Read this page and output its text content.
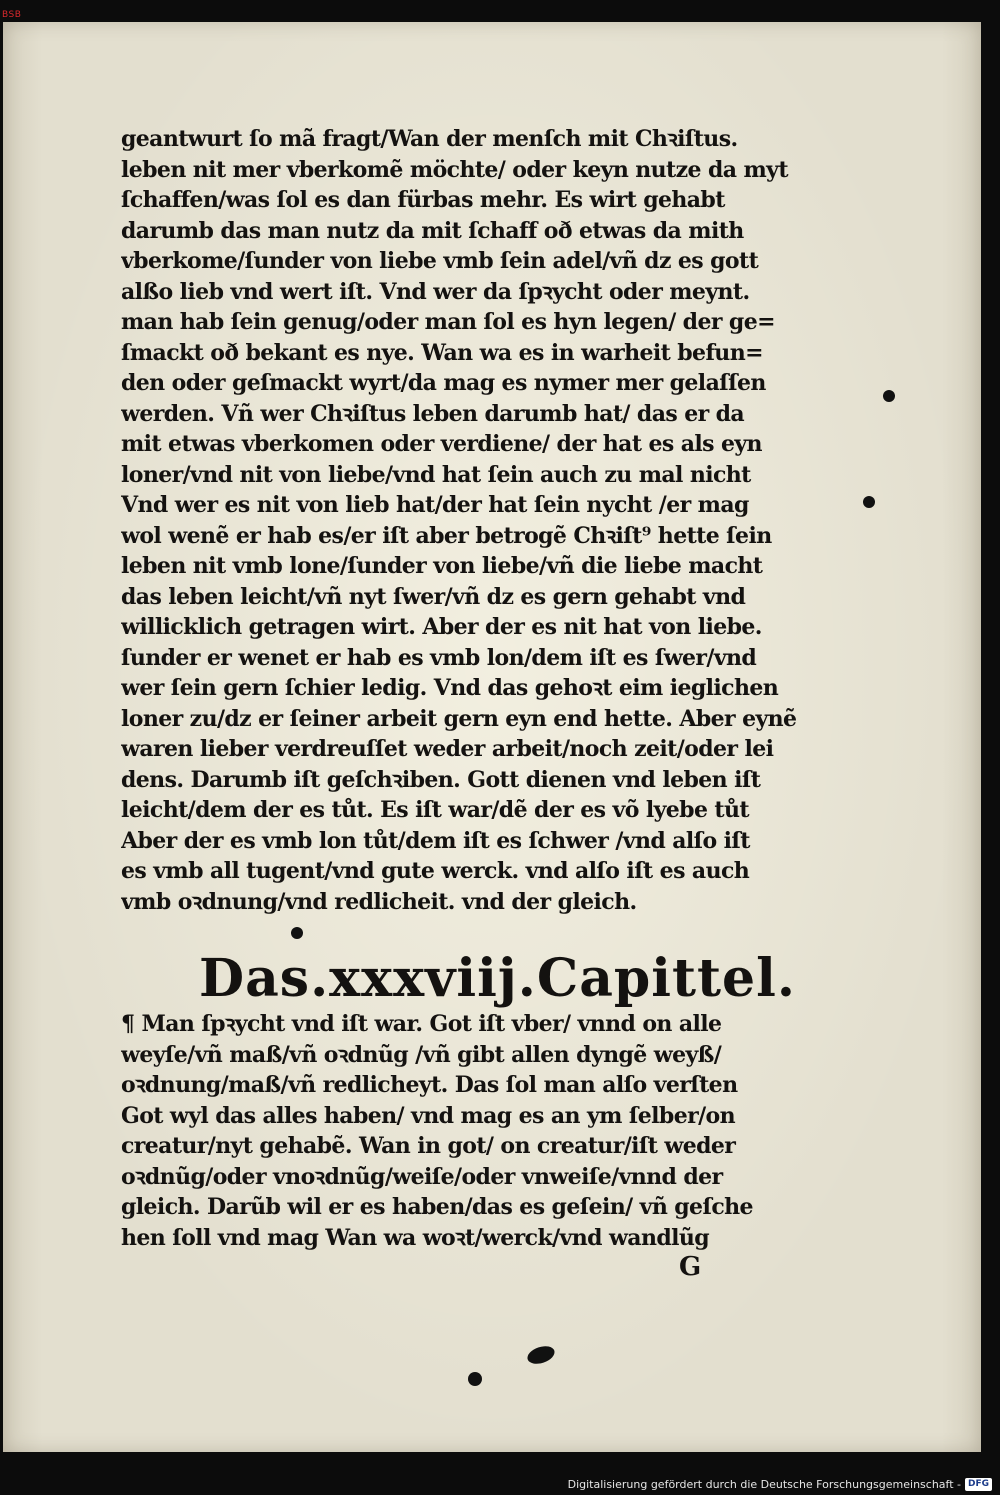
BSB
geantwurt ſo mã fragt/Wan der menſch mit Chꝛiſtus.
leben nit mer vberkomẽ möchte/ oder keyn nutze da myt
ſchaffen/was ſol es dan fürbas mehr. Es wirt gehabt
darumb das man nutz da mit ſchaff oð etwas da mith
vberkome/ſunder von liebe vmb ſein adel/vñ dz es gott
alßo lieb vnd wert iſt. Vnd wer da ſpꝛycht oder meynt.
man hab ſein genug/oder man ſol es hyn legen/ der ge=
ſmackt oð bekant es nye. Wan wa es in warheit befun=
den oder geſmackt wyrt/da mag es nymer mer gelaſſen
werden. Vñ wer Chꝛiſtus leben darumb hat/ das er da
mit etwas vberkomen oder verdiene/ der hat es als eyn
loner/vnd nit von liebe/vnd hat ſein auch zu mal nicht
Vnd wer es nit von lieb hat/der hat ſein nycht /er mag
wol wenẽ er hab es/er iſt aber betrogẽ Chꝛiſt⁹ hette ſein
leben nit vmb lone/ſunder von liebe/vñ die liebe macht
das leben leicht/vñ nyt ſwer/vñ dz es gern gehabt vnd
willicklich getragen wirt. Aber der es nit hat von liebe.
ſunder er wenet er hab es vmb lon/dem iſt es ſwer/vnd
wer ſein gern ſchier ledig. Vnd das gehoꝛt eim ieglichen
loner zu/dz er ſeiner arbeit gern eyn end hette. Aber eynẽ
waren lieber verdreuſſet weder arbeit/noch zeit/oder lei
dens. Darumb iſt geſchꝛiben. Gott dienen vnd leben iſt
leicht/dem der es tůt. Es iſt war/dẽ der es võ lyebe tůt
Aber der es vmb lon tůt/dem iſt es ſchwer /vnd alſo iſt
es vmb all tugent/vnd gute werck. vnd alſo iſt es auch
vmb oꝛdnung/vnd redlicheit. vnd der gleich.
Das.xxxviij.Capittel.
¶ Man ſpꝛycht vnd iſt war. Got iſt vber/ vnnd on alle
weyſe/vñ maß/vñ oꝛdnũg /vñ gibt allen dyngẽ weyß/
oꝛdnung/maß/vñ redlicheyt. Das ſol man alſo verſten
Got wyl das alles haben/ vnd mag es an ym ſelber/on
creatur/nyt gehabẽ. Wan in got/ on creatur/iſt weder
oꝛdnũg/oder vnoꝛdnũg/weiſe/oder vnweiſe/vnnd der
gleich. Darũb wil er es haben/das es geſein/ vñ geſche
hen ſoll vnd mag Wan wa woꝛt/werck/vnd wandlũg
G
Digitalisierung gefördert durch die Deutsche Forschungsgemeinschaft - DFG
